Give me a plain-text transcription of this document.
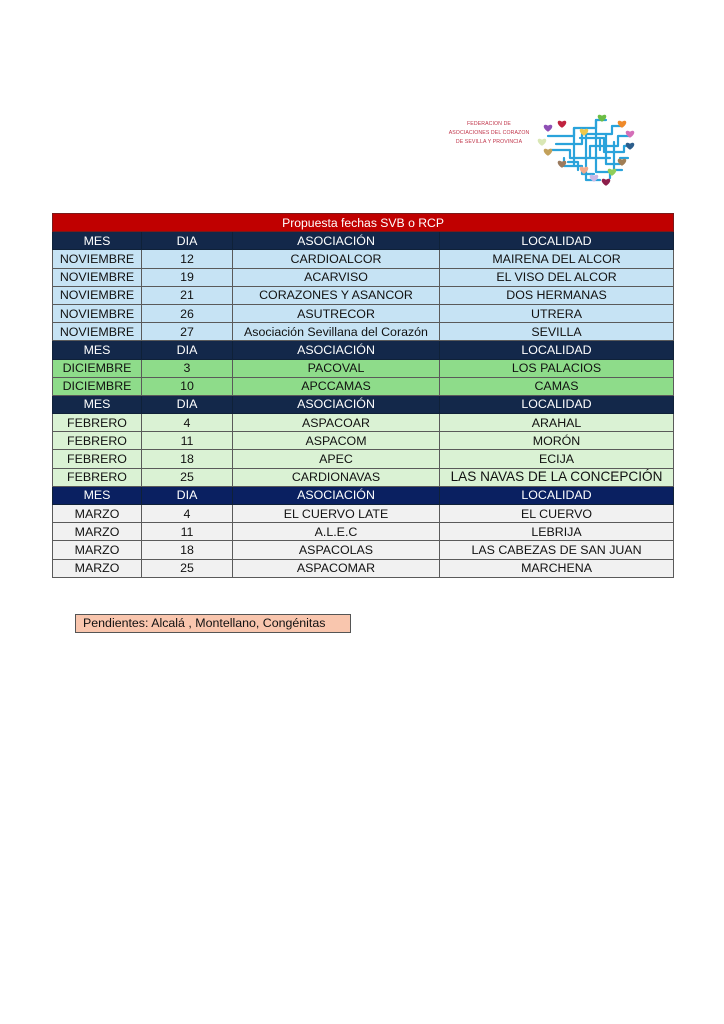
FEDERACION DE
ASOCIACIONES DEL CORAZON
DE SEVILLA Y PROVINCIA
Propuesta fechas SVB o RCP			
MES	DIA	ASOCIACIÓN	LOCALIDAD
NOVIEMBRE	12	CARDIOALCOR	MAIRENA DEL ALCOR
NOVIEMBRE	19	ACARVISO	EL VISO DEL ALCOR
NOVIEMBRE	21	CORAZONES Y ASANCOR	DOS HERMANAS
NOVIEMBRE	26	ASUTRECOR	UTRERA
NOVIEMBRE	27	Asociación Sevillana del Corazón	SEVILLA
MES	DIA	ASOCIACIÓN	LOCALIDAD
DICIEMBRE	3	PACOVAL	LOS PALACIOS
DICIEMBRE	10	APCCAMAS	CAMAS
MES	DIA	ASOCIACIÓN	LOCALIDAD
FEBRERO	4	ASPACOAR	ARAHAL
FEBRERO	11	ASPACOM	MORÓN
FEBRERO	18	APEC	ECIJA
FEBRERO	25	CARDIONAVAS	LAS NAVAS DE LA CONCEPCIÓN
MES	DIA	ASOCIACIÓN	LOCALIDAD
MARZO	4	EL CUERVO LATE	EL CUERVO
MARZO	11	A.L.E.C	LEBRIJA
MARZO	18	ASPACOLAS	LAS CABEZAS DE SAN JUAN
MARZO	25	ASPACOMAR	MARCHENA
Pendientes: Alcalá , Montellano, Congénitas
